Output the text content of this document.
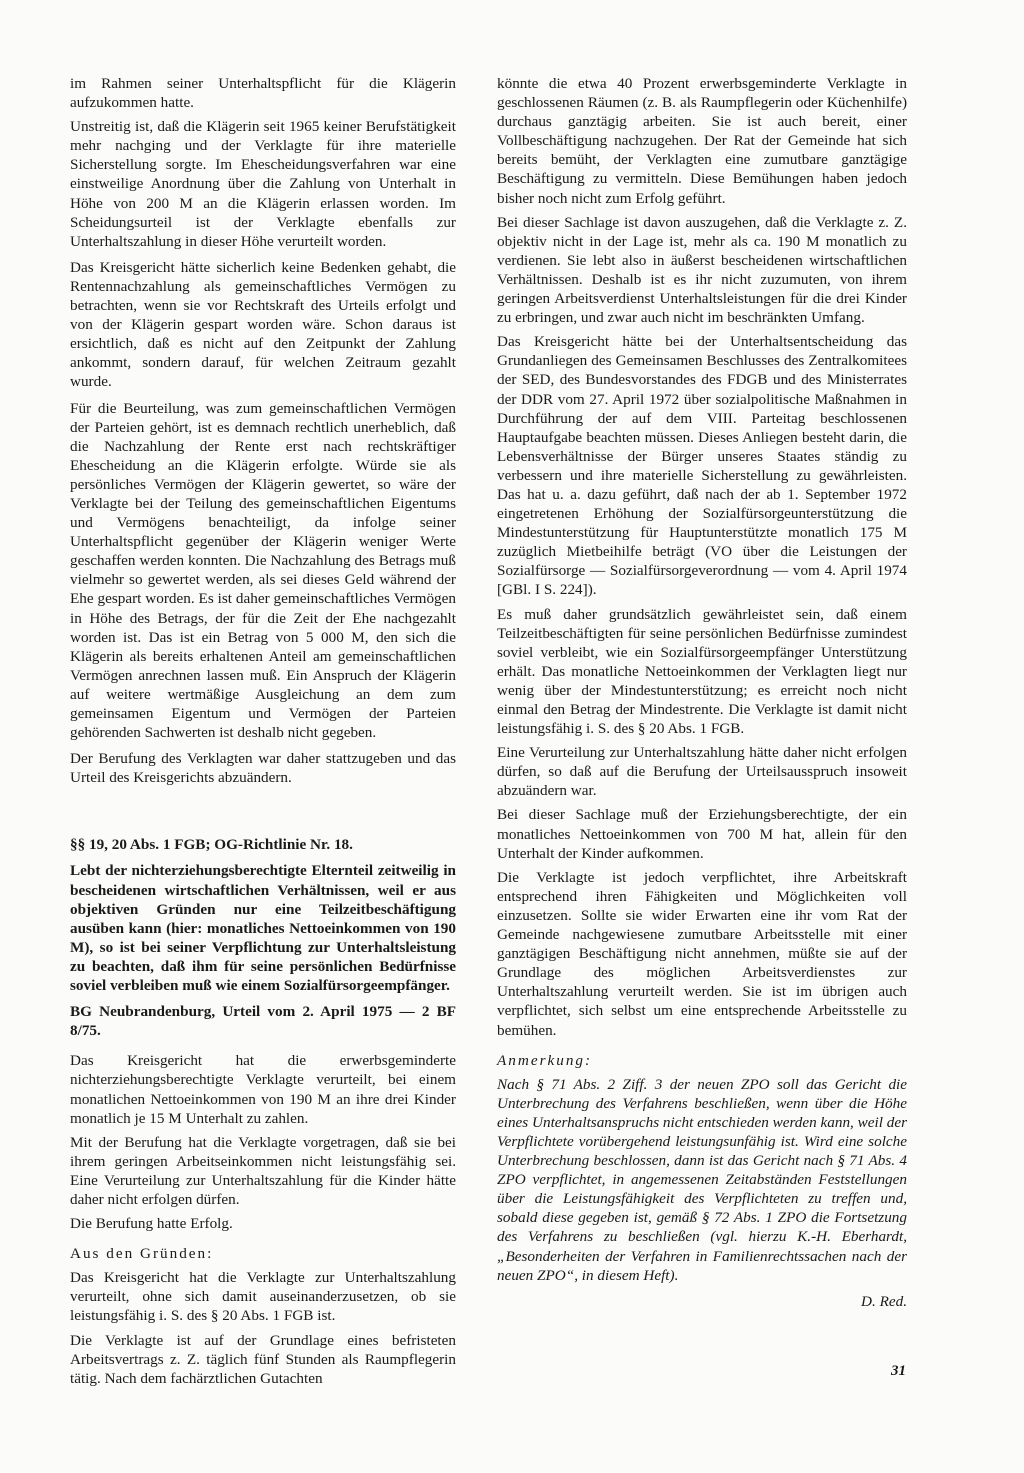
im Rahmen seiner Unterhaltspflicht für die Klägerin aufzukommen hatte.

Unstreitig ist, daß die Klägerin seit 1965 keiner Berufstätigkeit mehr nachging und der Verklagte für ihre materielle Sicherstellung sorgte. Im Ehescheidungsverfahren war eine einstweilige Anordnung über die Zahlung von Unterhalt in Höhe von 200 M an die Klägerin erlassen worden. Im Scheidungsurteil ist der Verklagte ebenfalls zur Unterhaltszahlung in dieser Höhe verurteilt worden.

Das Kreisgericht hätte sicherlich keine Bedenken gehabt, die Rentennachzahlung als gemeinschaftliches Vermögen zu betrachten, wenn sie vor Rechtskraft des Urteils erfolgt und von der Klägerin gespart worden wäre. Schon daraus ist ersichtlich, daß es nicht auf den Zeitpunkt der Zahlung ankommt, sondern darauf, für welchen Zeitraum gezahlt wurde.

Für die Beurteilung, was zum gemeinschaftlichen Vermögen der Parteien gehört, ist es demnach rechtlich unerheblich, daß die Nachzahlung der Rente erst nach rechtskräftiger Ehescheidung an die Klägerin erfolgte. Würde sie als persönliches Vermögen der Klägerin gewertet, so wäre der Verklagte bei der Teilung des gemeinschaftlichen Eigentums und Vermögens benachteiligt, da infolge seiner Unterhaltspflicht gegenüber der Klägerin weniger Werte geschaffen werden konnten. Die Nachzahlung des Betrags muß vielmehr so gewertet werden, als sei dieses Geld während der Ehe gespart worden. Es ist daher gemeinschaftliches Vermögen in Höhe des Betrags, der für die Zeit der Ehe nachgezahlt worden ist. Das ist ein Betrag von 5 000 M, den sich die Klägerin als bereits erhaltenen Anteil am gemeinschaftlichen Vermögen anrechnen lassen muß. Ein Anspruch der Klägerin auf weitere wertmäßige Ausgleichung an dem zum gemeinsamen Eigentum und Vermögen der Parteien gehörenden Sachwerten ist deshalb nicht gegeben.

Der Berufung des Verklagten war daher stattzugeben und das Urteil des Kreisgerichts abzuändern.

§§ 19, 20 Abs. 1 FGB; OG-Richtlinie Nr. 18.

Lebt der nichterziehungsberechtigte Elternteil zeitweilig in bescheidenen wirtschaftlichen Verhältnissen, weil er aus objektiven Gründen nur eine Teilzeitbeschäftigung ausüben kann (hier: monatliches Nettoeinkommen von 190 M), so ist bei seiner Verpflichtung zur Unterhaltsleistung zu beachten, daß ihm für seine persönlichen Bedürfnisse soviel verbleiben muß wie einem Sozialfürsorgeempfänger.

BG Neubrandenburg, Urteil vom 2. April 1975 — 2 BF 8/75.

Das Kreisgericht hat die erwerbsgeminderte nichterziehungsberechtigte Verklagte verurteilt, bei einem monatlichen Nettoeinkommen von 190 M an ihre drei Kinder monatlich je 15 M Unterhalt zu zahlen.

Mit der Berufung hat die Verklagte vorgetragen, daß sie bei ihrem geringen Arbeitseinkommen nicht leistungsfähig sei. Eine Verurteilung zur Unterhaltszahlung für die Kinder hätte daher nicht erfolgen dürfen.

Die Berufung hatte Erfolg.

Aus den Gründen:

Das Kreisgericht hat die Verklagte zur Unterhaltszahlung verurteilt, ohne sich damit auseinanderzusetzen, ob sie leistungsfähig i. S. des § 20 Abs. 1 FGB ist.

Die Verklagte ist auf der Grundlage eines befristeten Arbeitsvertrags z. Z. täglich fünf Stunden als Raumpflegerin tätig. Nach dem fachärztlichen Gutachten

könnte die etwa 40 Prozent erwerbsgeminderte Verklagte in geschlossenen Räumen (z. B. als Raumpflegerin oder Küchenhilfe) durchaus ganztägig arbeiten. Sie ist auch bereit, einer Vollbeschäftigung nachzugehen. Der Rat der Gemeinde hat sich bereits bemüht, der Verklagten eine zumutbare ganztägige Beschäftigung zu vermitteln. Diese Bemühungen haben jedoch bisher noch nicht zum Erfolg geführt.

Bei dieser Sachlage ist davon auszugehen, daß die Verklagte z. Z. objektiv nicht in der Lage ist, mehr als ca. 190 M monatlich zu verdienen. Sie lebt also in äußerst bescheidenen wirtschaftlichen Verhältnissen. Deshalb ist es ihr nicht zuzumuten, von ihrem geringen Arbeitsverdienst Unterhaltsleistungen für die drei Kinder zu erbringen, und zwar auch nicht im beschränkten Umfang.

Das Kreisgericht hätte bei der Unterhaltsentscheidung das Grundanliegen des Gemeinsamen Beschlusses des Zentralkomitees der SED, des Bundesvorstandes des FDGB und des Ministerrates der DDR vom 27. April 1972 über sozialpolitische Maßnahmen in Durchführung der auf dem VIII. Parteitag beschlossenen Hauptaufgabe beachten müssen. Dieses Anliegen besteht darin, die Lebensverhältnisse der Bürger unseres Staates ständig zu verbessern und ihre materielle Sicherstellung zu gewährleisten. Das hat u. a. dazu geführt, daß nach der ab 1. September 1972 eingetretenen Erhöhung der Sozialfürsorgeunterstützung die Mindestunterstützung für Hauptunterstützte monatlich 175 M zuzüglich Mietbeihilfe beträgt (VO über die Leistungen der Sozialfürsorge — Sozialfürsorgeverordnung — vom 4. April 1974 [GBl. I S. 224]).

Es muß daher grundsätzlich gewährleistet sein, daß einem Teilzeitbeschäftigten für seine persönlichen Bedürfnisse zumindest soviel verbleibt, wie ein Sozialfürsorgeempfänger Unterstützung erhält. Das monatliche Nettoeinkommen der Verklagten liegt nur wenig über der Mindestunterstützung; es erreicht noch nicht einmal den Betrag der Mindestrente. Die Verklagte ist damit nicht leistungsfähig i. S. des § 20 Abs. 1 FGB.

Eine Verurteilung zur Unterhaltszahlung hätte daher nicht erfolgen dürfen, so daß auf die Berufung der Urteilsausspruch insoweit abzuändern war.

Bei dieser Sachlage muß der Erziehungsberechtigte, der ein monatliches Nettoeinkommen von 700 M hat, allein für den Unterhalt der Kinder aufkommen.

Die Verklagte ist jedoch verpflichtet, ihre Arbeitskraft entsprechend ihren Fähigkeiten und Möglichkeiten voll einzusetzen. Sollte sie wider Erwarten eine ihr vom Rat der Gemeinde nachgewiesene zumutbare Arbeitsstelle mit einer ganztägigen Beschäftigung nicht annehmen, müßte sie auf der Grundlage des möglichen Arbeitsverdienstes zur Unterhaltszahlung verurteilt werden. Sie ist im übrigen auch verpflichtet, sich selbst um eine entsprechende Arbeitsstelle zu bemühen.

Anmerkung:

Nach § 71 Abs. 2 Ziff. 3 der neuen ZPO soll das Gericht die Unterbrechung des Verfahrens beschließen, wenn über die Höhe eines Unterhaltsanspruchs nicht entschieden werden kann, weil der Verpflichtete vorübergehend leistungsunfähig ist. Wird eine solche Unterbrechung beschlossen, dann ist das Gericht nach § 71 Abs. 4 ZPO verpflichtet, in angemessenen Zeitabständen Feststellungen über die Leistungsfähigkeit des Verpflichteten zu treffen und, sobald diese gegeben ist, gemäß § 72 Abs. 1 ZPO die Fortsetzung des Verfahrens zu beschließen (vgl. hierzu K.-H. Eberhardt, „Besonderheiten der Verfahren in Familienrechtssachen nach der neuen ZPO“, in diesem Heft).

D. Red.

31
